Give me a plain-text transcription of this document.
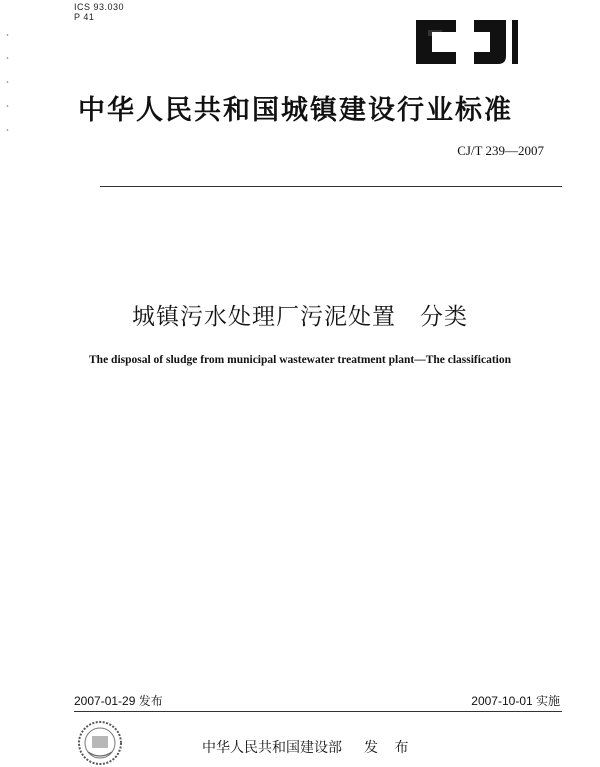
ICS 93.030
P 41
中华人民共和国城镇建设行业标准
CJ/T 239—2007
城镇污水处理厂污泥处置　分类
The disposal of sludge from municipal wastewater treatment plant—The classification
2007-01-29 发布	2007-10-01 实施
中华人民共和国建设部 发 布
